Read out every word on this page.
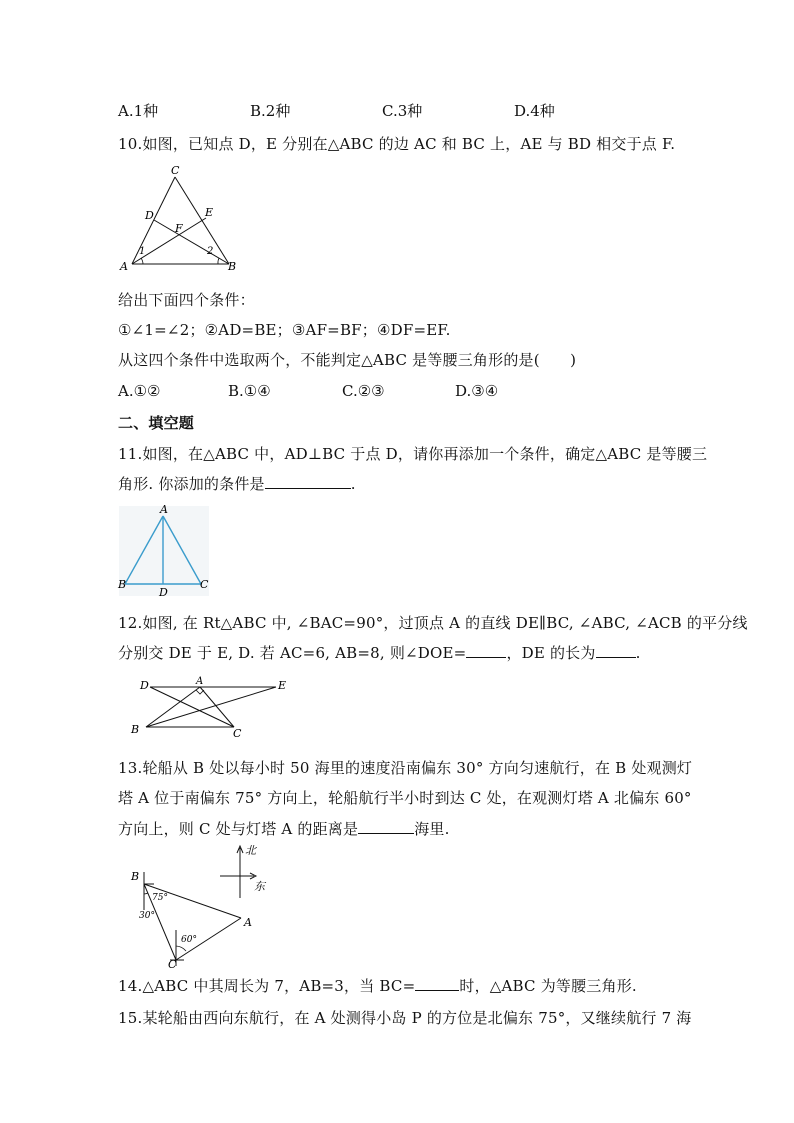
A.1种	B.2种	C.3种	D.4种
10.如图，已知点 D，E 分别在△ABC 的边 AC 和 BC 上，AE 与 BD 相交于点 F.
C
D	E
F
A	B
1	2
给出下面四个条件：
①∠1=∠2；②AD=BE；③AF=BF；④DF=EF.
从这四个条件中选取两个，不能判定△ABC 是等腰三角形的是(　　)
A.①②	B.①④	C.②③	D.③④
二、填空题
11.如图，在△ABC 中，AD⊥BC 于点 D，请你再添加一个条件，确定△ABC 是等腰三
角形. 你添加的条件是	.
A
B	C
D
12.如图, 在 Rt△ABC 中, ∠BAC=90°，过顶点 A 的直线 DE∥BC, ∠ABC, ∠ACB 的平分线
分别交 DE 于 E, D. 若 AC=6, AB=8, 则∠DOE=	，DE 的长为	.
D	A	E
B	C
13.轮船从 B 处以每小时 50 海里的速度沿南偏东 30° 方向匀速航行，在 B 处观测灯
塔 A 位于南偏东 75° 方向上，轮船航行半小时到达 C 处，在观测灯塔 A 北偏东 60°
方向上，则 C 处与灯塔 A 的距离是	海里.
北
东
B
A
C
75°
30°
60°
14.△ABC 中其周长为 7，AB=3，当 BC=	时，△ABC 为等腰三角形.
15.某轮船由西向东航行，在 A 处测得小岛 P 的方位是北偏东 75°，又继续航行 7 海
